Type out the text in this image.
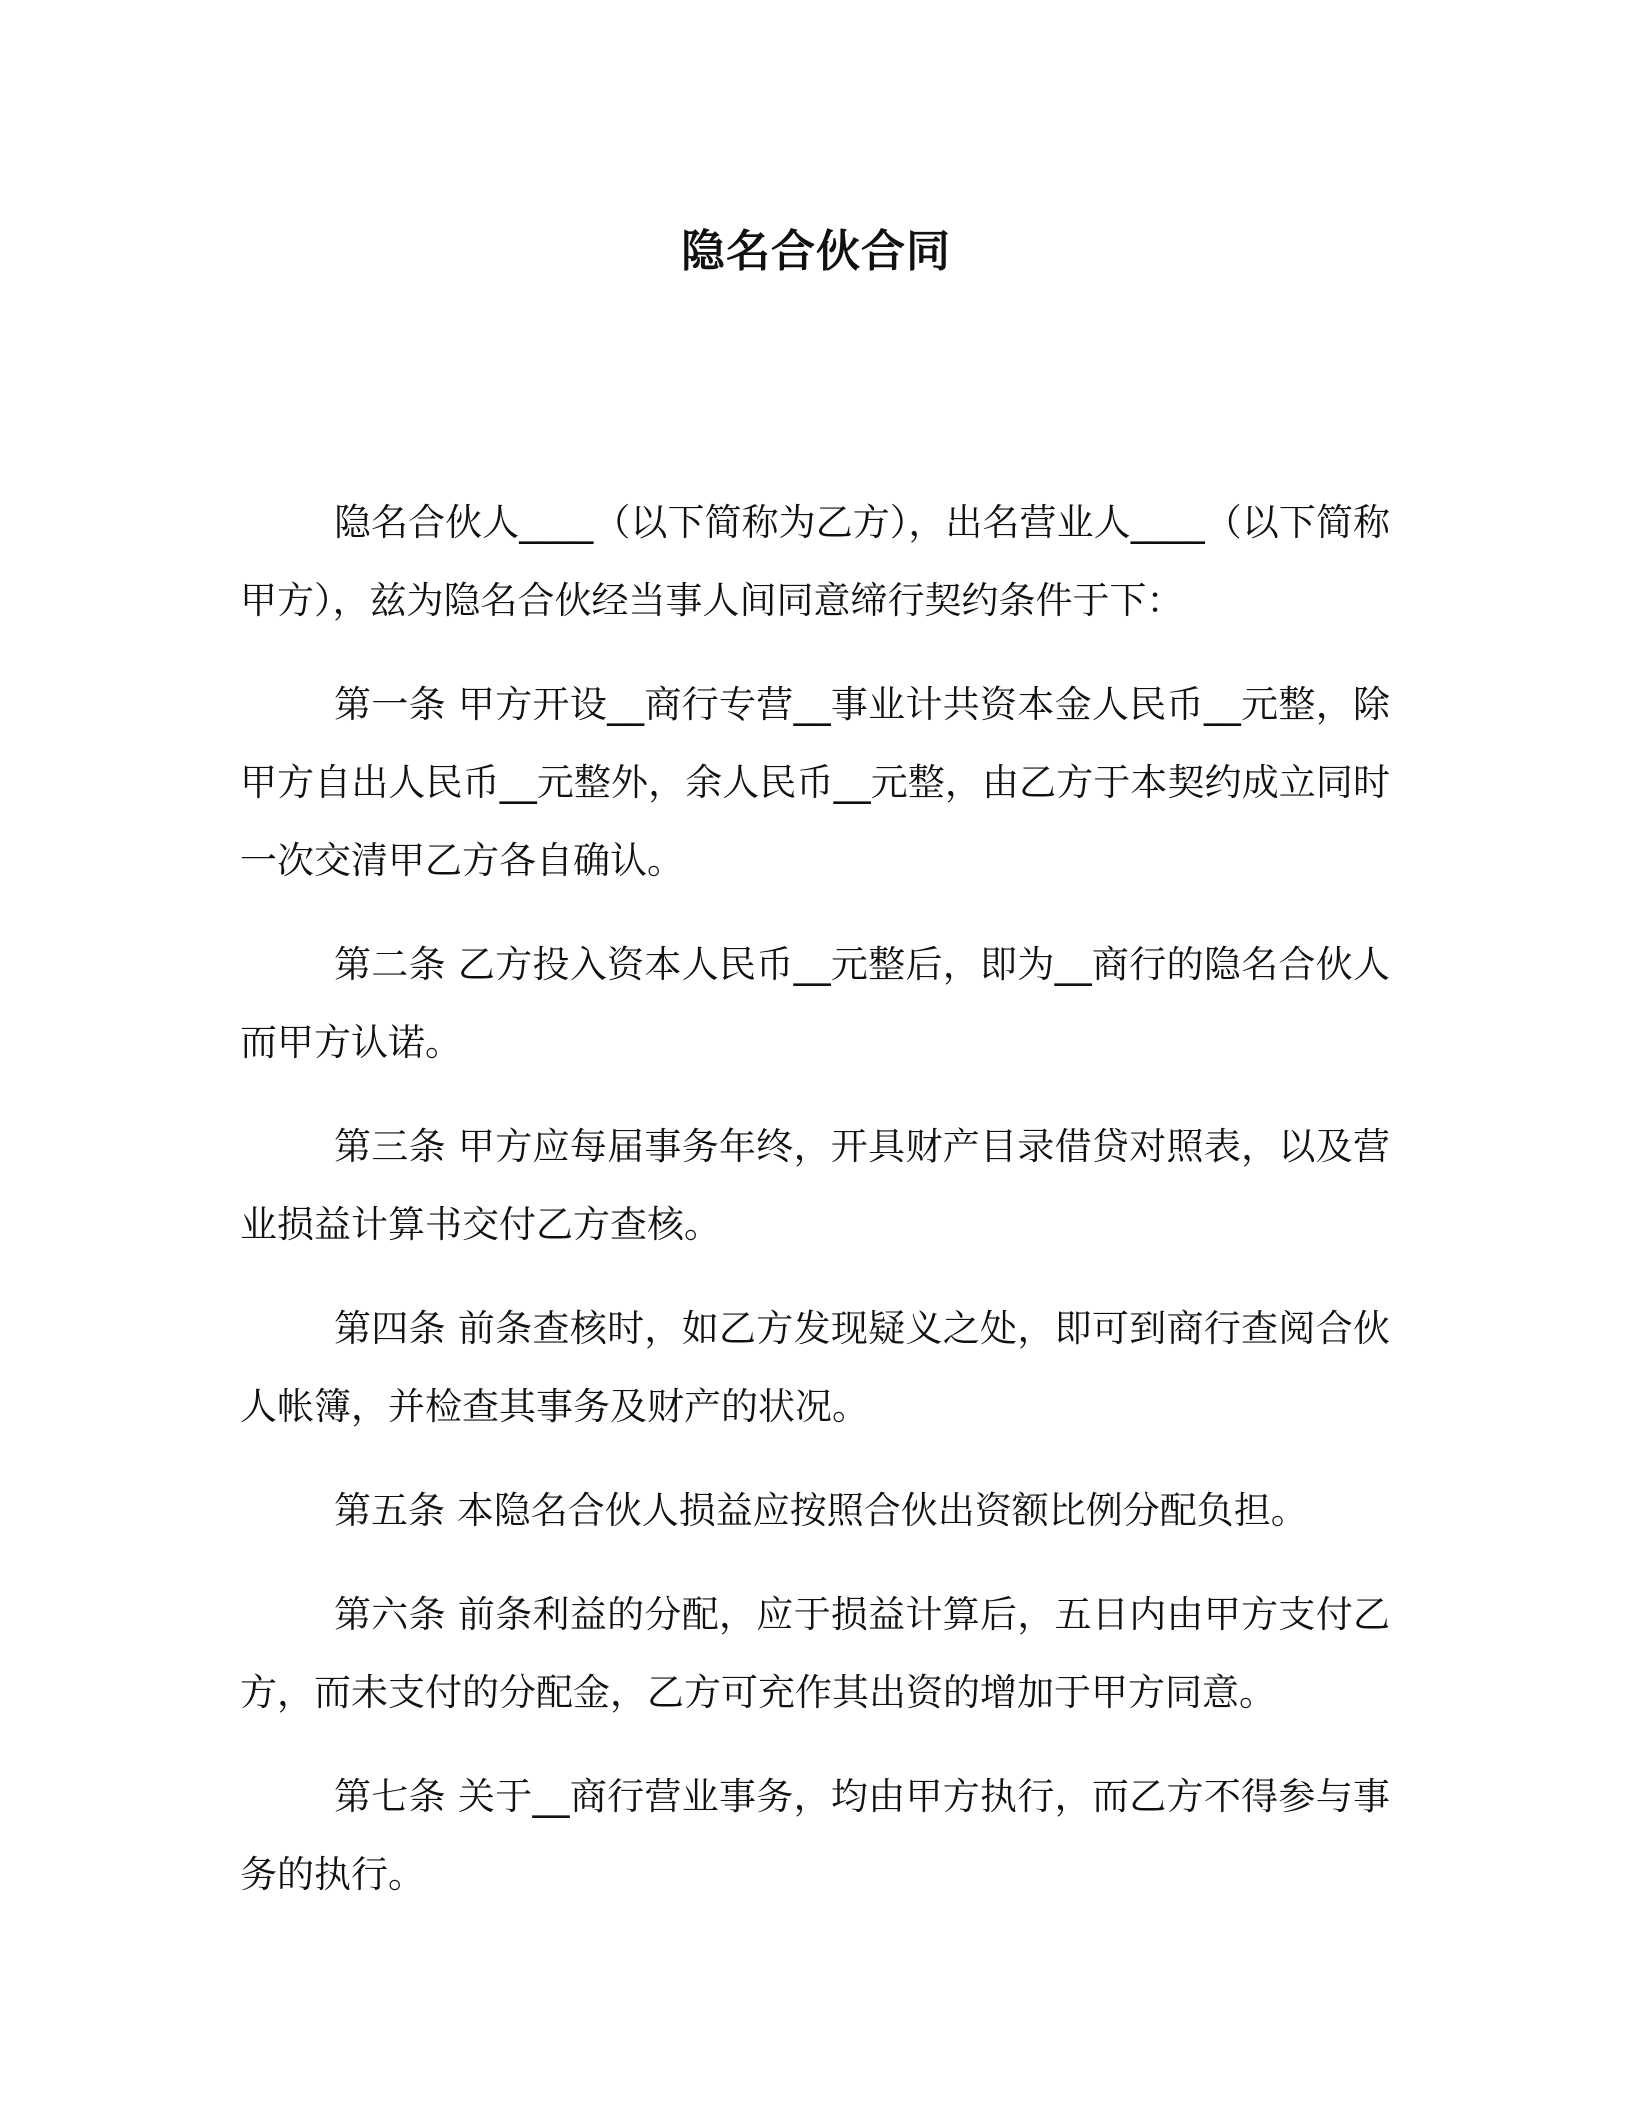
隐名合伙合同

隐名合伙人____（以下简称为乙方），出名营业人____（以下简称甲方），兹为隐名合伙经当事人间同意缔行契约条件于下：

第一条 甲方开设__商行专营__事业计共资本金人民币__元整，除甲方自出人民币__元整外，余人民币__元整，由乙方于本契约成立同时一次交清甲乙方各自确认。

第二条 乙方投入资本人民币__元整后，即为__商行的隐名合伙人而甲方认诺。

第三条 甲方应每届事务年终，开具财产目录借贷对照表，以及营业损益计算书交付乙方查核。

第四条 前条查核时，如乙方发现疑义之处，即可到商行查阅合伙人帐簿，并检查其事务及财产的状况。

第五条 本隐名合伙人损益应按照合伙出资额比例分配负担。

第六条 前条利益的分配，应于损益计算后，五日内由甲方支付乙方，而未支付的分配金，乙方可充作其出资的增加于甲方同意。

第七条 关于__商行营业事务，均由甲方执行，而乙方不得参与事务的执行。
